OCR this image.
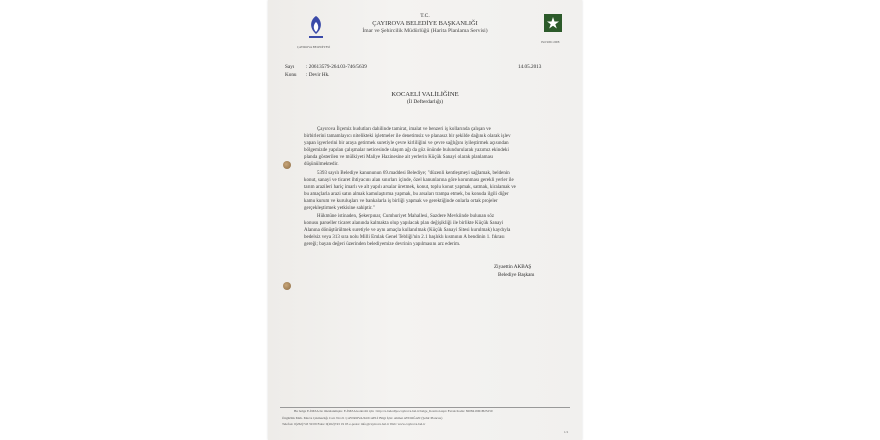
ÇAYIROVA BELEDİYESİ
ISO 9001:2008
T.C.
ÇAYIROVA BELEDİYE BAŞKANLIĞI
İmar ve Şehircilik Müdürlüğü (Harita Planlama Servisi)
Sayı : 20613579-264.03-746/5639	14.05.2013
Konu : Devir Hk.
KOCAELİ VALİLİĞİNE
(İl Defterdarlığı)
Çayırova İlçemiz hudutları dahilinde tamirat, imalat ve benzeri iş kollarında çalışan ve
birbirlerini tamamlayıcı nitelikteki işletmeler ile denetimsiz ve planasız bir şekilde dağınık olarak işlev
yapan işyerlerini bir araya getirmek suretiyle çevre kirliliğini ve çevre sağlığını iyileştirmek açısından
bölgemizde yapılan çalışmalar neticesinde ulaşım ağı da göz önünde bulundurularak yazımız ekindeki
planda gösterilen ve mülkiyeti Maliye Hazinesine ait yerlerin Küçük Sanayi olarak planlaması
düşünülmektedir.
5393 sayılı Belediye kanununun 69.maddesi Belediye; "düzenli kentleşmeyi sağlamak, beldenin
konut, sanayi ve ticaret ihtiyacını alan sınırları içinde, özel kanunlarına göre korunması gerekli yerler ile
tarım arazileri hariç imarlı ve alt yapılı arsalar üretmek, konut, toplu konut yapmak, satmak, kiralamak ve
bu amaçlarla arazi satın almak kamulaştırma yapmak, bu arsaları trampa etmek, bu konuda ilgili diğer
kamu kurum ve kuruluşları ve bankalarla iş birliği yapmak ve gerektiğinde onlarla ortak projeler
gerçekleştirmek yetkisine sahiptir."
Hükmüne istinaden, Şekerpınar, Cumhuriyet Mahallesi, Sazdere Mevkiinde bulunan söz
konusu parseller ticaret alanında kalmakta olup yapılacak plan değişikliği ile birlikte Küçük Sanayi
Alanına dönüştürülmek suretiyle ve aynı amaçla kullanılmak (Küçük Sanayi Sitesi kurulmak) kaydıyla
bedelsiz veya 313 sıra nolu Milli Emlak Genel Tebliği'nin 2.1 başlıklı kısmının A bendinin 1. fıkrası
gereği; bayan değeri üzerinden belediyemize devrinin yapılmasını arz ederim.
Ziyaettin AKBAŞ
Belediye Başkanı
Bu belge E-İMZA ile imzalanmıştır. E-İMZA kontrolü için : http://e-belediye.cayirova.bel.tr/belge_Kontrol.aspx Evrak Kodu: 8208419D1B25250
Özgürlük Mah. Mecra Çıkmazlığı Cad. No:21 ÇAYIROVA/KOCAELİ Bilgi İçin: Ahmet AYDOĞAN (Şehir Plancısı)
Telefon: 0(262)743 59 09 Faks: 0(262)743 19 03 e-posta: info@cayirova.bel.tr Web: www.cayirova.bel.tr
1/1
